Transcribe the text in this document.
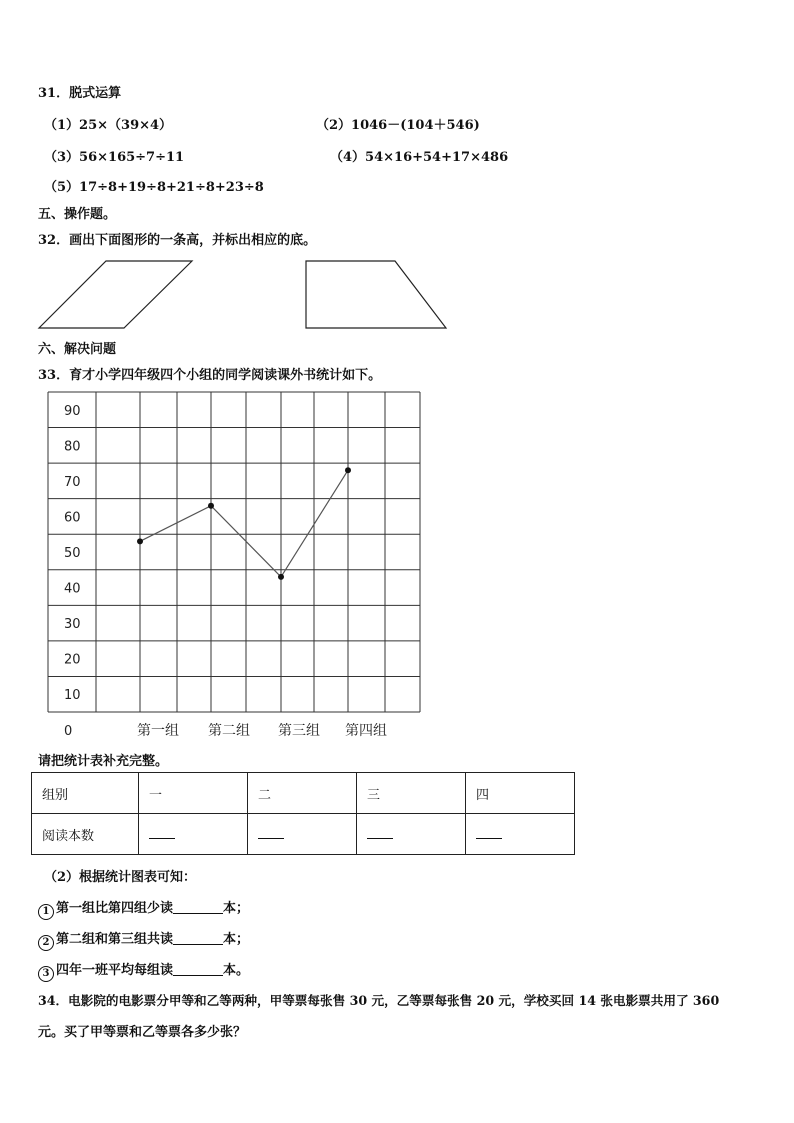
31．脱式运算
（1）25×（39×4）	（2）1046－(104＋546)
（3）56×165÷7÷11	（4）54×16+54+17×486
（5）17÷8+19÷8+21÷8+23÷8
五、操作题。
32．画出下面图形的一条高，并标出相应的底。
六、解决问题
33．育才小学四年级四个小组的同学阅读课外书统计如下。
0
10
20
30
40
50
60
70
80
90
第一组 第二组 第三组 第四组
请把统计表补充完整。
组别	一	二	三	四
阅读本数				
（2）根据统计图表可知：
1 第一组比第四组少读	本；
2 第二组和第三组共读	本；
3 四年一班平均每组读	本。
34．电影院的电影票分甲等和乙等两种，甲等票每张售 30 元，乙等票每张售 20 元，学校买回 14 张电影票共用了 360
元。买了甲等票和乙等票各多少张？
